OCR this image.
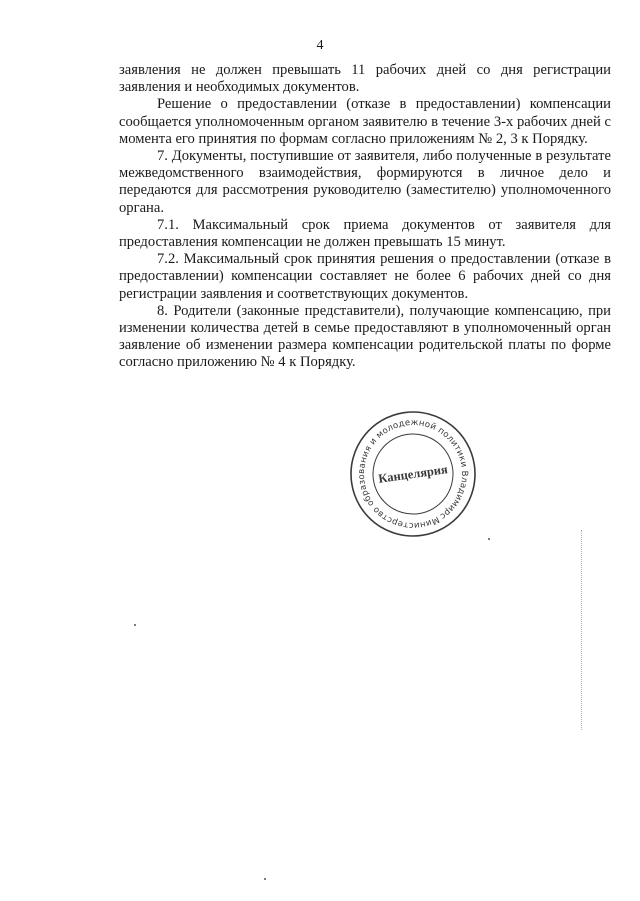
4

заявления не должен превышать 11 рабочих дней со дня регистрации заявления и необходимых документов.

Решение о предоставлении (отказе в предоставлении) компенсации сообщается уполномоченным органом заявителю в течение 3-х рабочих дней с момента его принятия по формам согласно приложениям № 2, 3 к Порядку.

7. Документы, поступившие от заявителя, либо полученные в результате межведомственного взаимодействия, формируются в личное дело и передаются для рассмотрения руководителю (заместителю) уполномоченного органа.

7.1. Максимальный срок приема документов от заявителя для предоставления компенсации не должен превышать 15 минут.

7.2. Максимальный срок принятия решения о предоставлении (отказе в предоставлении) компенсации составляет не более 6 рабочих дней со дня регистрации заявления и соответствующих документов.

8. Родители (законные представители), получающие компенсацию, при изменении количества детей в семье предоставляют в уполномоченный орган заявление об изменении размера компенсации родительской платы по форме согласно приложению № 4 к Порядку.

Министерство образования и молодежной политики Владимирской
Канцелярия
